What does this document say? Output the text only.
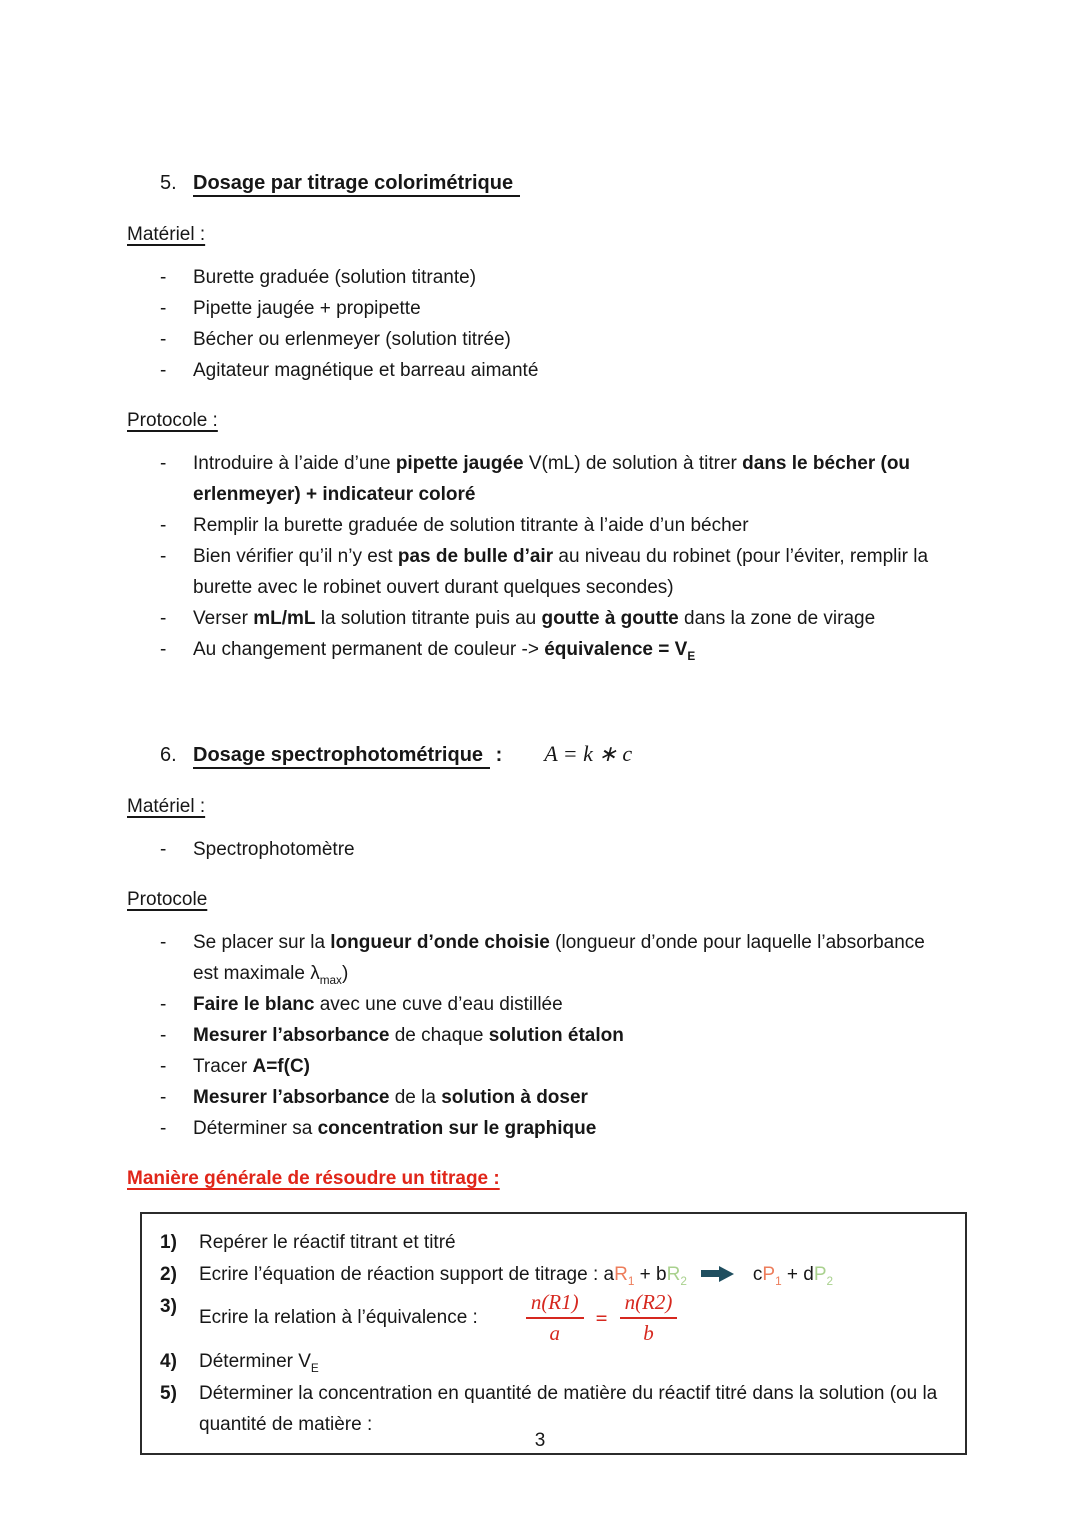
5. Dosage par titrage colorimétrique
Matériel :
- Burette graduée (solution titrante)
- Pipette jaugée + propipette
- Bécher ou erlenmeyer (solution titrée)
- Agitateur magnétique et barreau aimanté
Protocole :
- Introduire à l’aide d’une pipette jaugée V(mL) de solution à titrer dans le bécher (ou erlenmeyer) + indicateur coloré
- Remplir la burette graduée de solution titrante à l’aide d’un bécher
- Bien vérifier qu’il n’y est pas de bulle d’air au niveau du robinet (pour l’éviter, remplir la burette avec le robinet ouvert durant quelques secondes)
- Verser mL/mL la solution titrante puis au goutte à goutte dans la zone de virage
- Au changement permanent de couleur -> équivalence = $V_E$
6. Dosage spectrophotométrique : A = k ∗ c
Matériel :
- Spectrophotomètre
Protocole
- Se placer sur la longueur d’onde choisie (longueur d’onde pour laquelle l’absorbance est maximale $\lambda_{max}$)
- Faire le blanc avec une cuve d’eau distillée
- Mesurer l’absorbance de chaque solution étalon
- Tracer A=f(C)
- Mesurer l’absorbance de la solution à doser
- Déterminer sa concentration sur le graphique
Manière générale de résoudre un titrage :
1) Repérer le réactif titrant et titré
2) Ecrire l’équation de réaction support de titrage : $aR_1 + bR_2$	$cP_1 + dP_2$
3)
Ecrire la relation à l’équivalence : $\frac{n(R1)}{a} = \frac{n(R2)}{b}$
4) Déterminer $V_E$
5) Déterminer la concentration en quantité de matière du réactif titré dans la solution (ou la quantité de matière :
3
